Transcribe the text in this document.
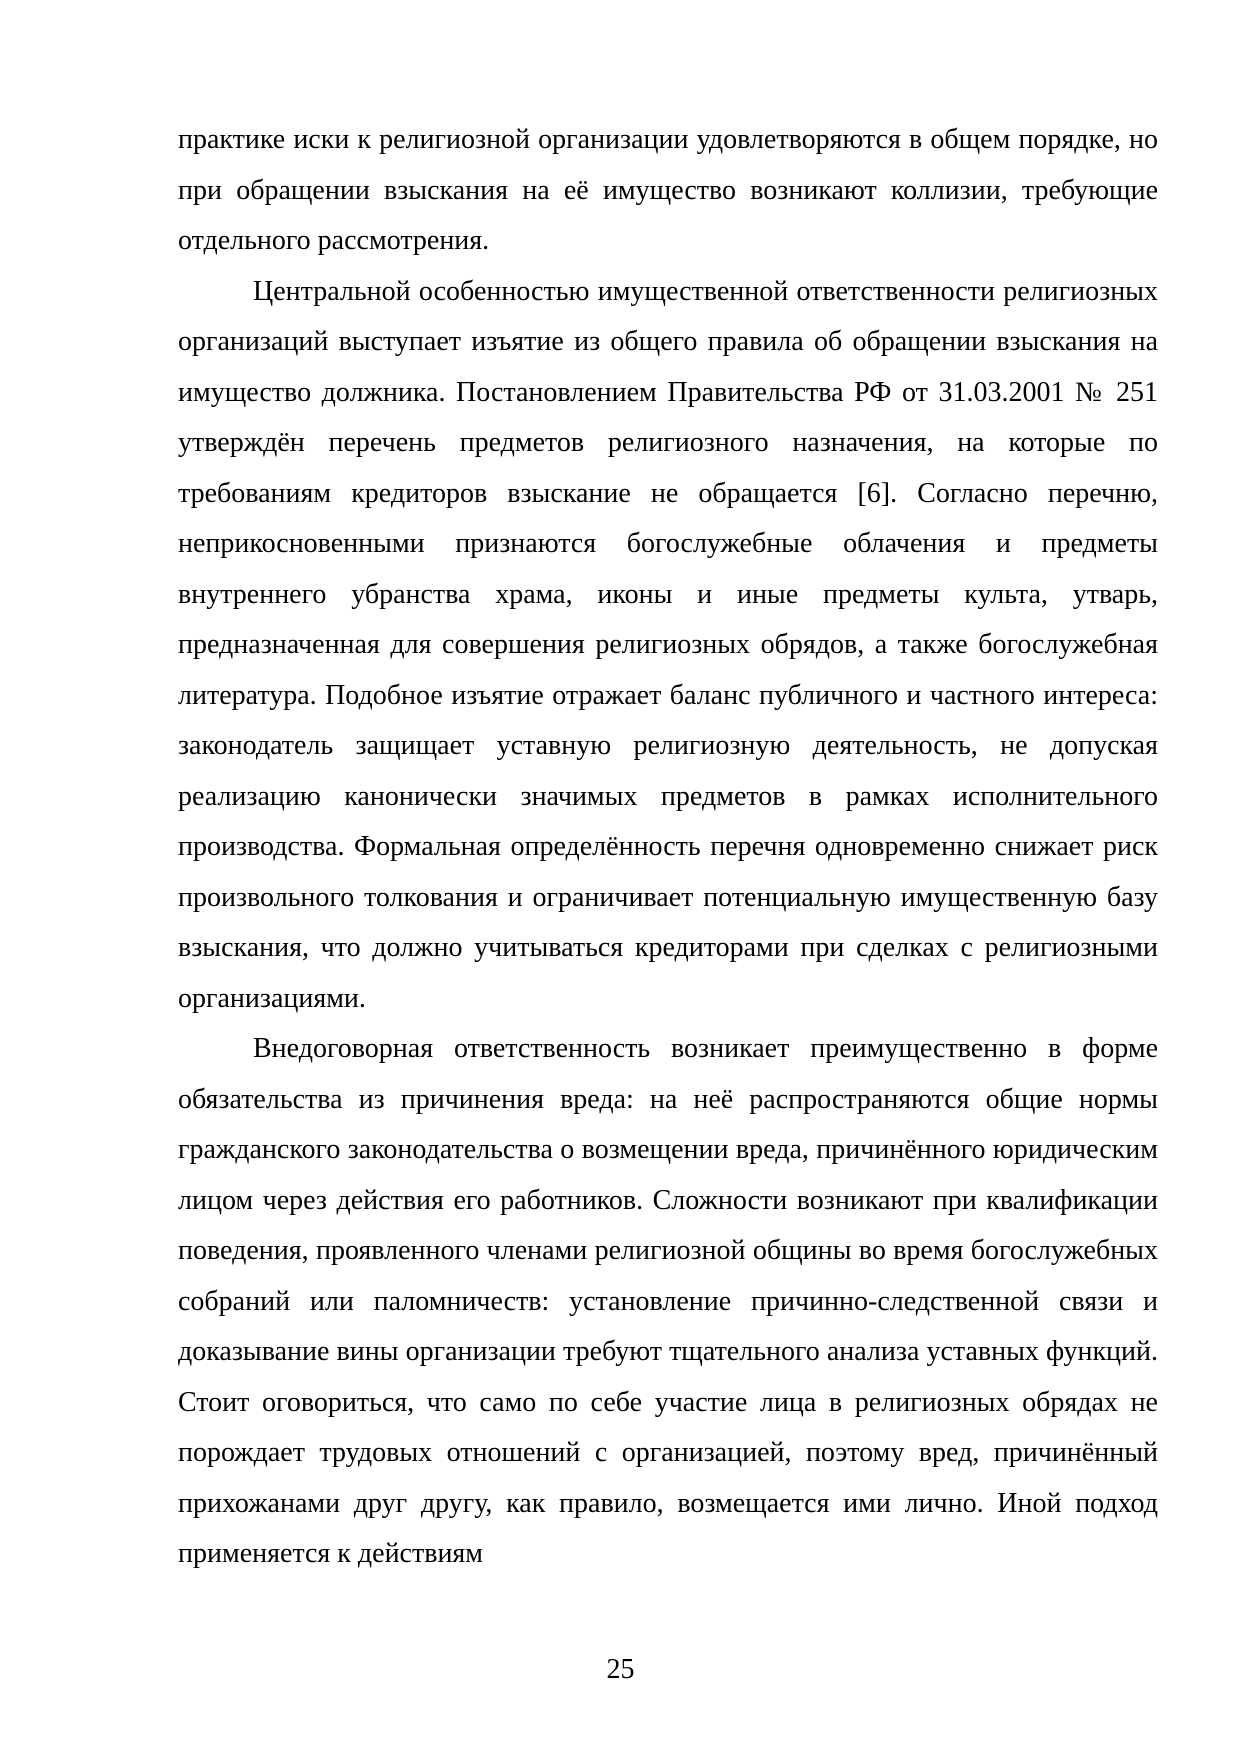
практике иски к религиозной организации удовлетворяются в общем порядке, но при обращении взыскания на её имущество возникают коллизии, требующие отдельного рассмотрения.

Центральной особенностью имущественной ответственности религиозных организаций выступает изъятие из общего правила об обращении взыскания на имущество должника. Постановлением Правительства РФ от 31.03.2001 № 251 утверждён перечень предметов религиозного назначения, на которые по требованиям кредиторов взыскание не обращается [6]. Согласно перечню, неприкосновенными признаются богослужебные облачения и предметы внутреннего убранства храма, иконы и иные предметы культа, утварь, предназначенная для совершения религиозных обрядов, а также богослужебная литература. Подобное изъятие отражает баланс публичного и частного интереса: законодатель защищает уставную религиозную деятельность, не допуская реализацию канонически значимых предметов в рамках исполнительного производства. Формальная определённость перечня одновременно снижает риск произвольного толкования и ограничивает потенциальную имущественную базу взыскания, что должно учитываться кредиторами при сделках с религиозными организациями.

Внедоговорная ответственность возникает преимущественно в форме обязательства из причинения вреда: на неё распространяются общие нормы гражданского законодательства о возмещении вреда, причинённого юридическим лицом через действия его работников. Сложности возникают при квалификации поведения, проявленного членами религиозной общины во время богослужебных собраний или паломничеств: установление причинно-следственной связи и доказывание вины организации требуют тщательного анализа уставных функций. Стоит оговориться, что само по себе участие лица в религиозных обрядах не порождает трудовых отношений с организацией, поэтому вред, причинённый прихожанами друг другу, как правило, возмещается ими лично. Иной подход применяется к действиям

25
